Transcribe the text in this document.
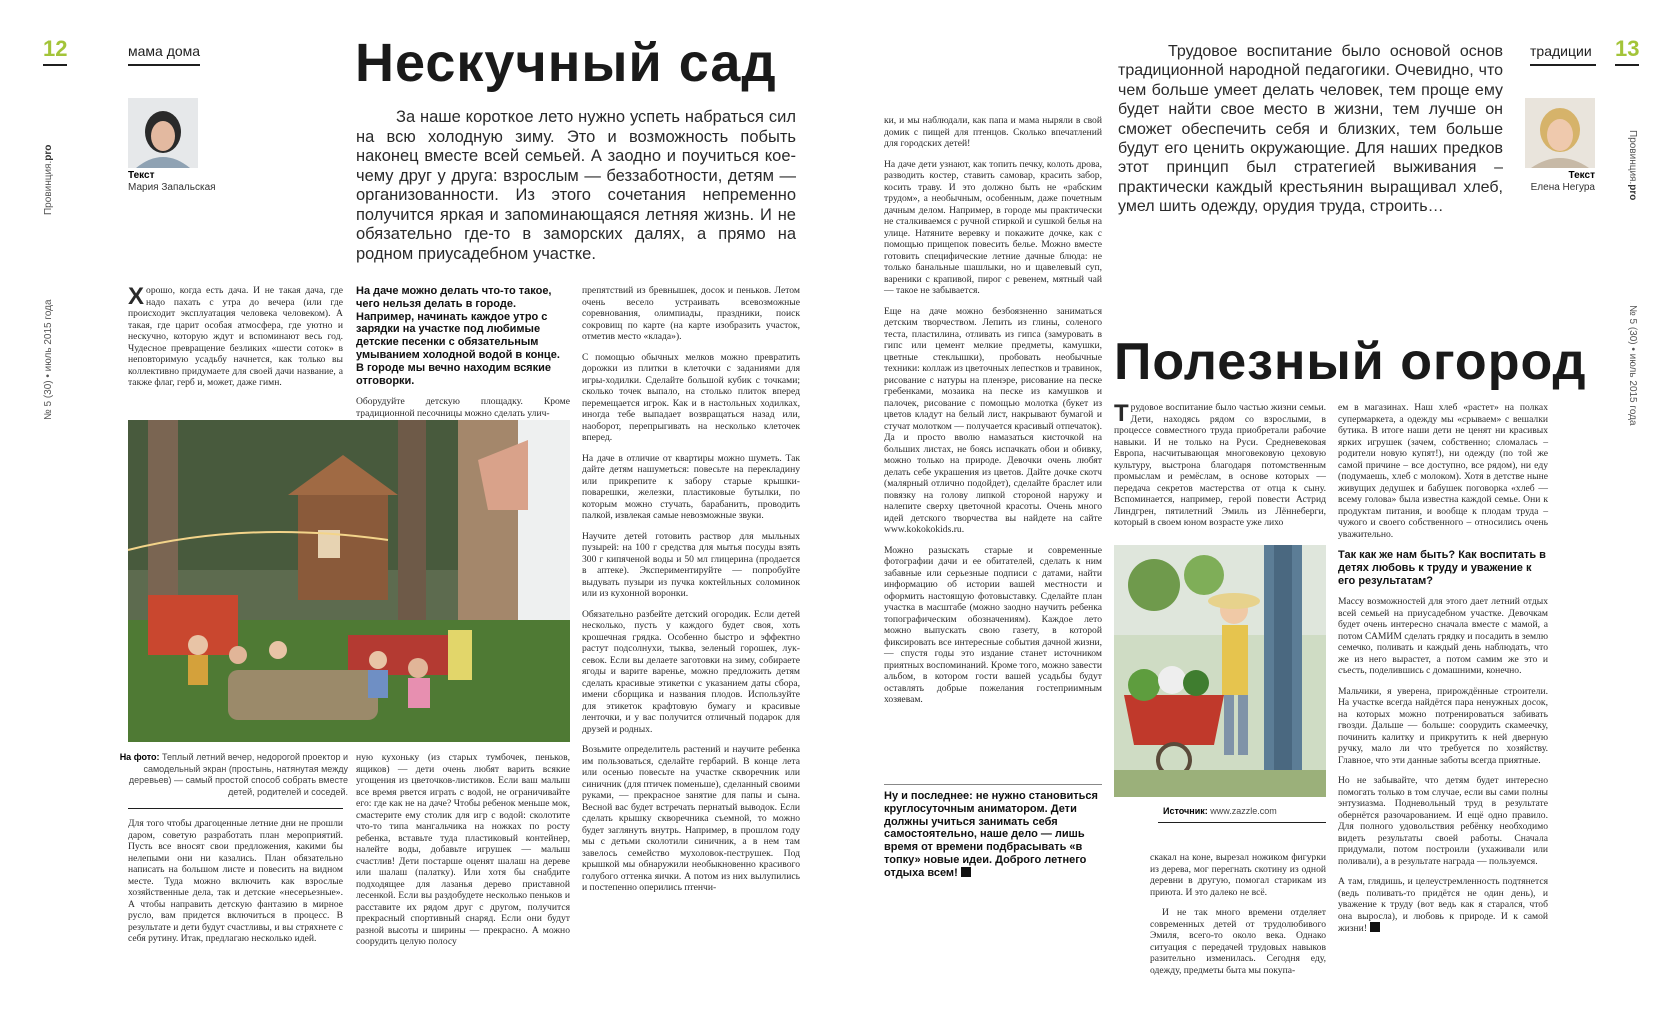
12	мама дома
Провинция.pro
№ 5 (30) • июль 2015 года
Текст
Мария Запальская
Нескучный сад
За наше короткое лето нужно успеть набраться сил на всю холодную зиму. Это и возможность побыть наконец вместе всей семьей. А заодно и поучиться кое-чему друг у друга: взрослым — беззаботности, детям — организованности. Из этого сочетания непременно получится яркая и запоминающаяся летняя жизнь. И не обязательно где-то в заморских далях, а прямо на родном приусадебном участке.

Хорошо, когда есть дача. И не такая дача, где надо пахать с утра до вечера (или где происходит эксплуатация человека человеком). А такая, где царит особая атмосфера, где уютно и нескучно, которую ждут и вспоминают весь год. Чудесное превращение безликих «шести соток» в неповторимую усадьбу начнется, как только вы коллективно придумаете для своей дачи название, а также флаг, герб и, может, даже гимн.

На даче можно делать что-то такое, чего нельзя делать в городе. Например, начинать каждое утро с зарядки на участке под любимые детские песенки с обязательным умыванием холодной водой в конце. В городе мы вечно находим всякие отговорки.

Оборудуйте детскую площадку. Кроме традиционной песочницы можно сделать улич-

На фото: Теплый летний вечер, недорогой проектор и самодельный экран (простынь, натянутая между деревьев) — самый простой способ собрать вместе детей, родителей и соседей.

Для того чтобы драгоценные летние дни не прошли даром, советую разработать план мероприятий. Пусть все вносят свои предложения, какими бы нелепыми они ни казались. План обязательно написать на большом листе и повесить на видном месте. Туда можно включить как взрослые хозяйственные дела, так и детские «несерьезные». А чтобы направить детскую фантазию в мирное русло, вам придется включиться в процесс. В результате и дети будут счастливы, и вы стряхнете с себя рутину. Итак, предлагаю несколько идей.

ную кухоньку (из старых тумбочек, пеньков, ящиков) — дети очень любят варить всякие угощения из цветочков-листиков. Если ваш малыш все время рвется играть с водой, не ограничивайте его: где как не на даче? Чтобы ребенок меньше мок, смастерите ему столик для игр с водой: сколотите что-то типа мангальчика на ножках по росту ребенка, вставьте туда пластиковый контейнер, налейте воды, добавьте игрушек — малыш счастлив! Дети постарше оценят шалаш на дереве или шалаш (палатку). Или хотя бы снабдите подходящее для лазанья дерево приставной лесенкой. Если вы раздобудете несколько пеньков и расставите их рядом друг с другом, получится прекрасный спортивный снаряд. Если они будут разной высоты и ширины — прекрасно. А можно соорудить целую полосу

препятствий из бревнышек, досок и пеньков. Летом очень весело устраивать всевозможные соревнования, олимпиады, праздники, поиск сокровищ по карте (на карте изобразить участок, отметив место «клада»).

С помощью обычных мелков можно превратить дорожки из плитки в клеточки с заданиями для игры-ходилки. Сделайте большой кубик с точками; сколько точек выпало, на столько плиток вперед перемещается игрок. Как и в настольных ходилках, иногда тебе выпадает возвращаться назад или, наоборот, перепрыгивать на несколько клеточек вперед.

На даче в отличие от квартиры можно шуметь. Так дайте детям нашуметься: повесьте на перекладину или прикрепите к забору старые крышки-поварешки, железки, пластиковые бутылки, по которым можно стучать, барабанить, проводить палкой, извлекая самые невозможные звуки.

Научите детей готовить раствор для мыльных пузырей: на 100 г средства для мытья посуды взять 300 г кипяченой воды и 50 мл глицерина (продается в аптеке). Экспериментируйте — попробуйте выдувать пузыри из пучка коктейльных соломинок или из кухонной воронки.

Обязательно разбейте детский огородик. Если детей несколько, пусть у каждого будет своя, хоть крошечная грядка. Особенно быстро и эффектно растут подсолнухи, тыква, зеленый горошек, лук-севок. Если вы делаете заготовки на зиму, собираете ягоды и варите варенье, можно предложить детям сделать красивые этикетки с указанием даты сбора, имени сборщика и названия плодов. Используйте для этикеток крафтовую бумагу и красивые ленточки, и у вас получится отличный подарок для друзей и родных.

Возьмите определитель растений и научите ребенка им пользоваться, сделайте гербарий. В конце лета или осенью повесьте на участке скворечник или синичник (для птичек поменьше), сделанный своими руками, — прекрасное занятие для папы и сына. Весной вас будет встречать пернатый выводок. Если сделать крышку скворечника съемной, то можно будет заглянуть внутрь. Например, в прошлом году мы с детьми сколотили синичник, а в нем там завелось семейство мухоловок-пеструшек. Под крышкой мы обнаружили необыкновенно красивого голубого оттенка яички. А потом из них вылупились и постепенно оперились птенчи-

13
традиции
Провинция.pro
№ 5 (30) • июль 2015 года
Текст
Елена Негура

ки, и мы наблюдали, как папа и мама ныряли в свой домик с пищей для птенцов. Сколько впечатлений для городских детей!

На даче дети узнают, как топить печку, колоть дрова, разводить костер, ставить самовар, красить забор, косить траву. И это должно быть не «рабским трудом», а необычным, особенным, даже почетным дачным делом. Например, в городе мы практически не сталкиваемся с ручной стиркой и сушкой белья на улице. Натяните веревку и покажите дочке, как с помощью прищепок повесить белье. Можно вместе готовить специфические летние дачные блюда: не только банальные шашлыки, но и щавелевый суп, вареники с крапивой, пирог с ревенем, мятный чай — такое не забывается.

Еще на даче можно безбоязненно заниматься детским творчеством. Лепить из глины, соленого теста, пластилина, отливать из гипса (замуровать в гипс или цемент мелкие предметы, камушки, цветные стеклышки), пробовать необычные техники: коллаж из цветочных лепестков и травинок, рисование с натуры на пленэре, рисование на песке гребенками, мозаика на песке из камушков и палочек, рисование с помощью молотка (букет из цветов кладут на белый лист, накрывают бумагой и стучат молотком — получается красивый отпечаток). Да и просто вволю намазаться кисточкой на больших листах, не боясь испачкать обои и обивку, можно только на природе. Девочки очень любят делать себе украшения из цветов. Дайте дочке скотч (малярный отлично подойдет), сделайте браслет или повязку на голову липкой стороной наружу и налепите сверху цветочной красоты. Очень много идей детского творчества вы найдете на сайте www.kokokokids.ru.

Можно разыскать старые и современные фотографии дачи и ее обитателей, сделать к ним забавные или серьезные подписи с датами, найти информацию об истории вашей местности и оформить настоящую фотовыставку. Сделайте план участка в масштабе (можно заодно научить ребенка топографическим обозначениям). Каждое лето можно выпускать свою газету, в которой фиксировать все интересные события дачной жизни, — спустя годы это издание станет источником приятных воспоминаний. Кроме того, можно завести альбом, в котором гости вашей усадьбы будут оставлять добрые пожелания гостеприимным хозяевам.

Ну и последнее: не нужно становиться круглосуточным аниматором. Дети должны учиться занимать себя самостоятельно, наше дело — лишь время от времени подбрасывать «в топку» новые идеи. Доброго летнего отдыха всем!

Трудовое воспитание было основой основ традиционной народной педагогики. Очевидно, что чем больше умеет делать человек, тем проще ему будет найти свое место в жизни, тем лучше он сможет обеспечить себя и близких, тем больше будут его ценить окружающие. Для наших предков этот принцип был стратегией выживания – практически каждый крестьянин выращивал хлеб, умел шить одежду, орудия труда, строить…
Полезный огород

Трудовое воспитание было частью жизни семьи. Дети, находясь рядом со взрослыми, в процессе совместного труда приобретали рабочие навыки. И не только на Руси. Средневековая Европа, насчитывающая многовековую цеховую культуру, выстрона благодаря потомственным промыслам и ремёслам, в основе которых — передача секретов мастерства от отца к сыну. Вспоминается, например, герой повести Астрид Линдгрен, пятилетний Эмиль из Лённеберги, который в своем юном возрасте уже лихо

Источник: www.zazzle.com

скакал на коне, вырезал ножиком фигурки из дерева, мог перегнать скотину из одной деревни в другую, помогал старикам из приюта. И это далеко не всё.

И не так много времени отделяет современных детей от трудолюбивого Эмиля, всего-то около века. Однако ситуация с передачей трудовых навыков разительно изменилась. Сегодня еду, одежду, предметы быта мы покупа-

ем в магазинах. Наш хлеб «растет» на полках супермаркета, а одежду мы «срываем» с вешалки бутика. В итоге наши дети не ценят ни красивых ярких игрушек (зачем, собственно; сломалась – родители новую купят!), ни одежду (по той же самой причине – все доступно, все рядом), ни еду (подумаешь, хлеб с молоком). Хотя в детстве ныне живущих дедушек и бабушек поговорка «хлеб — всему голова» была известна каждой семье. Они к продуктам питания, и вообще к плодам труда – чужого и своего собственного – относились очень уважительно.

Так как же нам быть? Как воспитать в детях любовь к труду и уважение к его результатам?

Массу возможностей для этого дает летний отдых всей семьей на приусадебном участке. Девочкам будет очень интересно сначала вместе с мамой, а потом САМИМ сделать грядку и посадить в землю семечко, поливать и каждый день наблюдать, что же из него вырастет, а потом самим же это и съесть, поделившись с домашними, конечно.

Мальчики, я уверена, прирождённые строители. На участке всегда найдётся пара ненужных досок, на которых можно потренироваться забивать гвозди. Дальше — больше: соорудить скамеечку, починить калитку и прикрутить к ней дверную ручку, мало ли что требуется по хозяйству. Главное, что эти данные заботы всегда приятные.

Но не забывайте, что детям будет интересно помогать только в том случае, если вы сами полны энтузиазма. Подневольный труд в результате обернётся разочарованием. И ещё одно правило. Для полного удовольствия ребёнку необходимо видеть результаты своей работы. Сначала придумали, потом построили (ухаживали или поливали), а в результате награда — пользуемся.

А там, глядишь, и целеустремленность подтянется (ведь поливать-то придётся не один день), и уважение к труду (вот ведь как я старался, чтоб она выросла), и любовь к природе. И к самой жизни!
